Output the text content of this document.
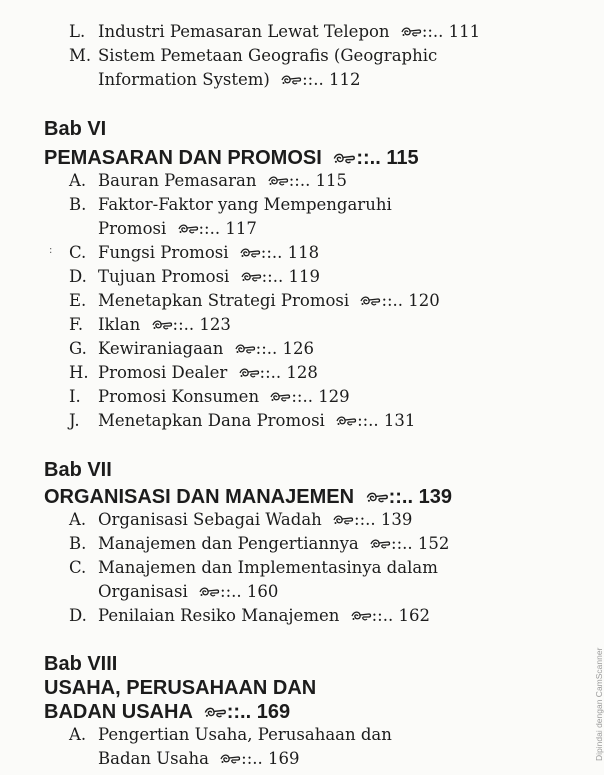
L. Industri Pemasaran Lewat Telepon ::.. 111
M. Sistem Pemetaan Geografis (Geographic
Information System) ::.. 112
Bab VI
PEMASARAN DAN PROMOSI ::.. 115
A. Bauran Pemasaran ::.. 115
B. Faktor-Faktor yang Mempengaruhi
Promosi ::.. 117
: C. Fungsi Promosi ::.. 118
D. Tujuan Promosi ::.. 119
E. Menetapkan Strategi Promosi ::.. 120
F. Iklan ::.. 123
G. Kewiraniagaan ::.. 126
H. Promosi Dealer ::.. 128
I. Promosi Konsumen ::.. 129
J. Menetapkan Dana Promosi ::.. 131
Bab VII
ORGANISASI DAN MANAJEMEN ::.. 139
A. Organisasi Sebagai Wadah ::.. 139
B. Manajemen dan Pengertiannya ::.. 152
C. Manajemen dan Implementasinya dalam
Organisasi ::.. 160
D. Penilaian Resiko Manajemen ::.. 162
Bab VIII
USAHA, PERUSAHAAN DAN
BADAN USAHA ::.. 169
A. Pengertian Usaha, Perusahaan dan
Badan Usaha ::.. 169	Dipindai dengan CamScanner
